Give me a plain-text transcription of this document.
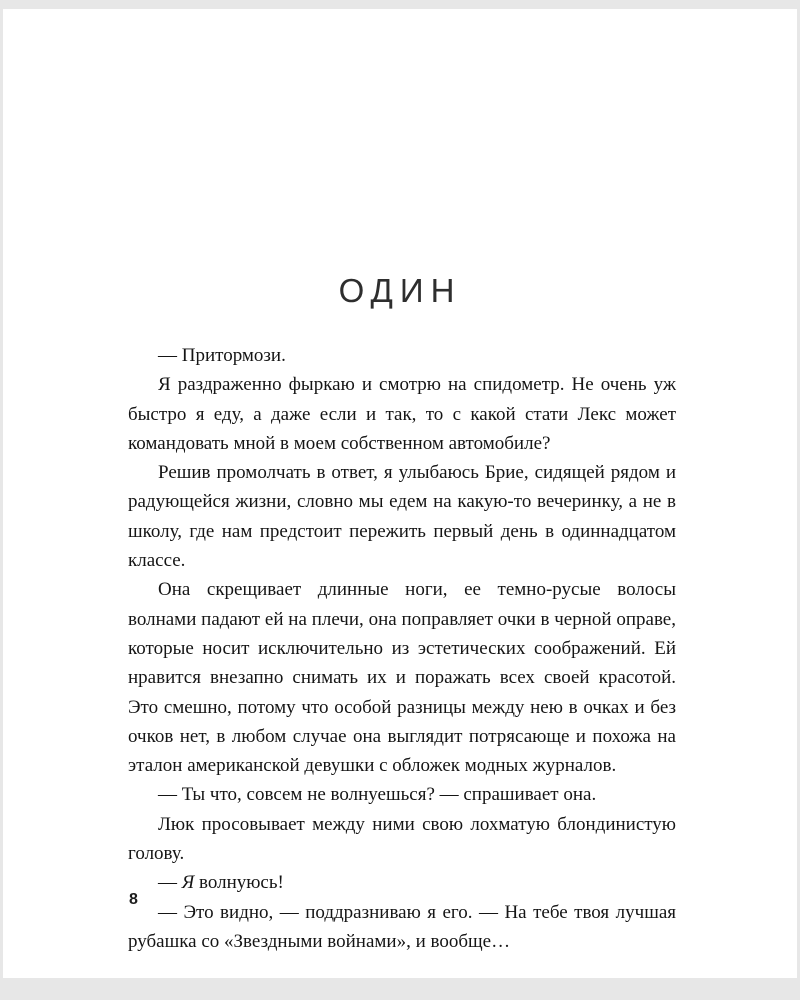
ОДИН

— Притормози.

Я раздраженно фыркаю и смотрю на спидометр. Не очень уж быстро я еду, а даже если и так, то с какой стати Лекс может командовать мной в моем собственном автомобиле?

Решив промолчать в ответ, я улыбаюсь Брие, сидящей рядом и радующейся жизни, словно мы едем на какую-то вечеринку, а не в школу, где нам предстоит пережить первый день в одиннадцатом классе.

Она скрещивает длинные ноги, ее темно-русые волосы волнами падают ей на плечи, она поправляет очки в черной оправе, которые носит исключительно из эстетических соображений. Ей нравится внезапно снимать их и поражать всех своей красотой. Это смешно, потому что особой разницы между нею в очках и без очков нет, в любом случае она выглядит потрясающе и похожа на эталон американской девушки с обложек модных журналов.

— Ты что, совсем не волнуешься? — спрашивает она.

Люк просовывает между ними свою лохматую блондинистую голову.

— Я волнуюсь!

— Это видно, — поддразниваю я его. — На тебе твоя лучшая рубашка со «Звездными войнами», и вообще…

8
